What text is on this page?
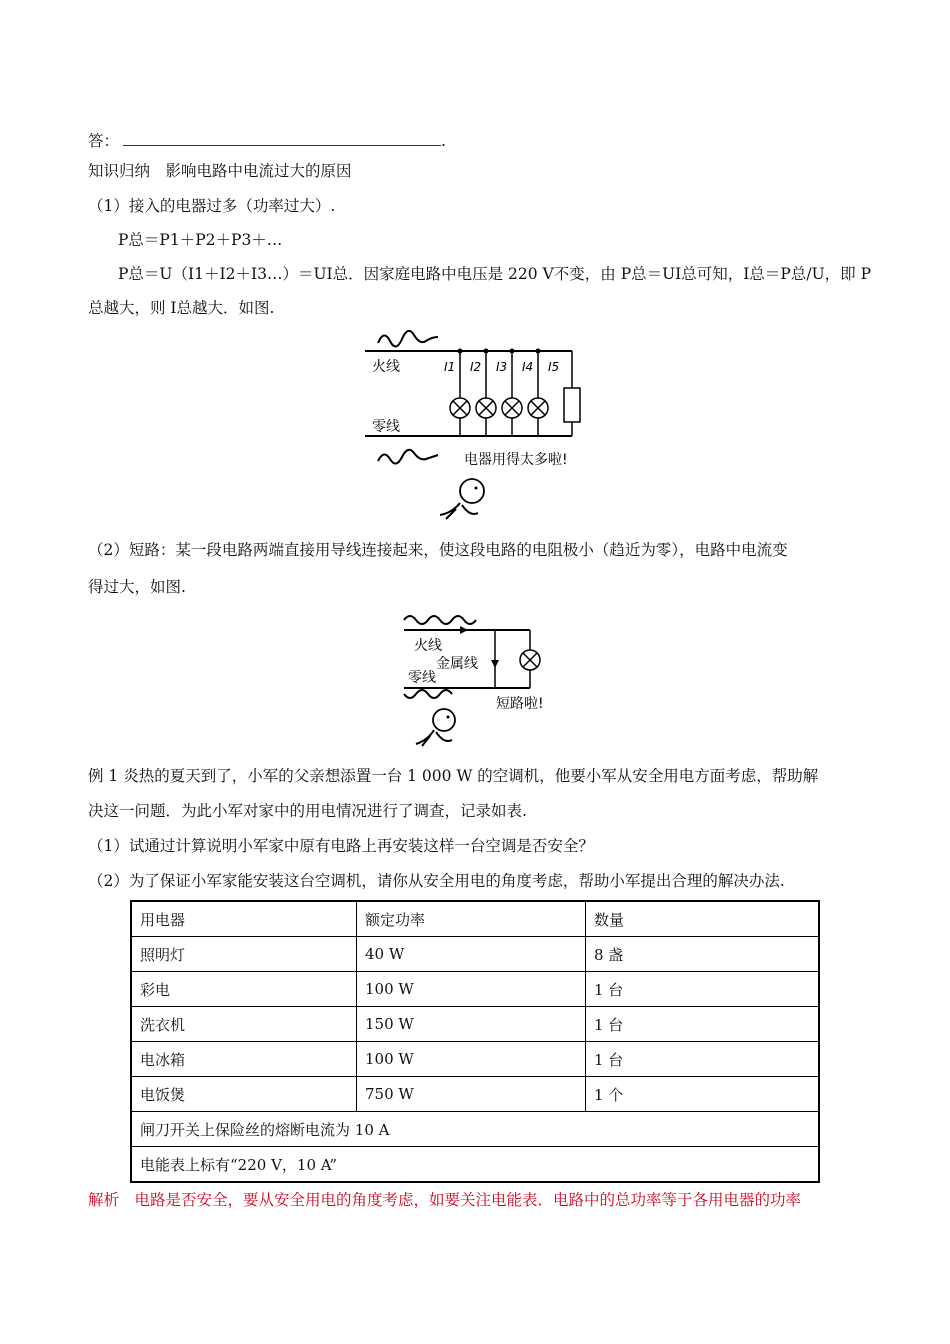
答：	.
知识归纳　影响电路中电流过大的原因
（1）接入的电器过多（功率过大）.
P总＝P1＋P2＋P3＋…
P总＝U（I1＋I2＋I3…）＝UI总．因家庭电路中电压是 220 V不变，由 P总＝UI总可知，I总＝P总/U，即 P
总越大，则 I总越大．如图.
火线
零线
I1 I2 I3 I4 I5
电器用得太多啦!
（2）短路：某一段电路两端直接用导线连接起来，使这段电路的电阻极小（趋近为零），电路中电流变
得过大，如图.
火线
金属线
零线
短路啦!
例 1 炎热的夏天到了，小军的父亲想添置一台 1 000 W 的空调机，他要小军从安全用电方面考虑，帮助解
决这一问题．为此小军对家中的用电情况进行了调查，记录如表.
（1）试通过计算说明小军家中原有电路上再安装这样一台空调是否安全？
（2）为了保证小军家能安装这台空调机，请你从安全用电的角度考虑，帮助小军提出合理的解决办法.
用电器	额定功率	数量
照明灯	40 W	8 盏
彩电	100 W	1 台
洗衣机	150 W	1 台
电冰箱	100 W	1 台
电饭煲	750 W	1 个
闸刀开关上保险丝的熔断电流为 10 A		
电能表上标有“220 V，10 A”		
解析　电路是否安全，要从安全用电的角度考虑，如要关注电能表．电路中的总功率等于各用电器的功率
